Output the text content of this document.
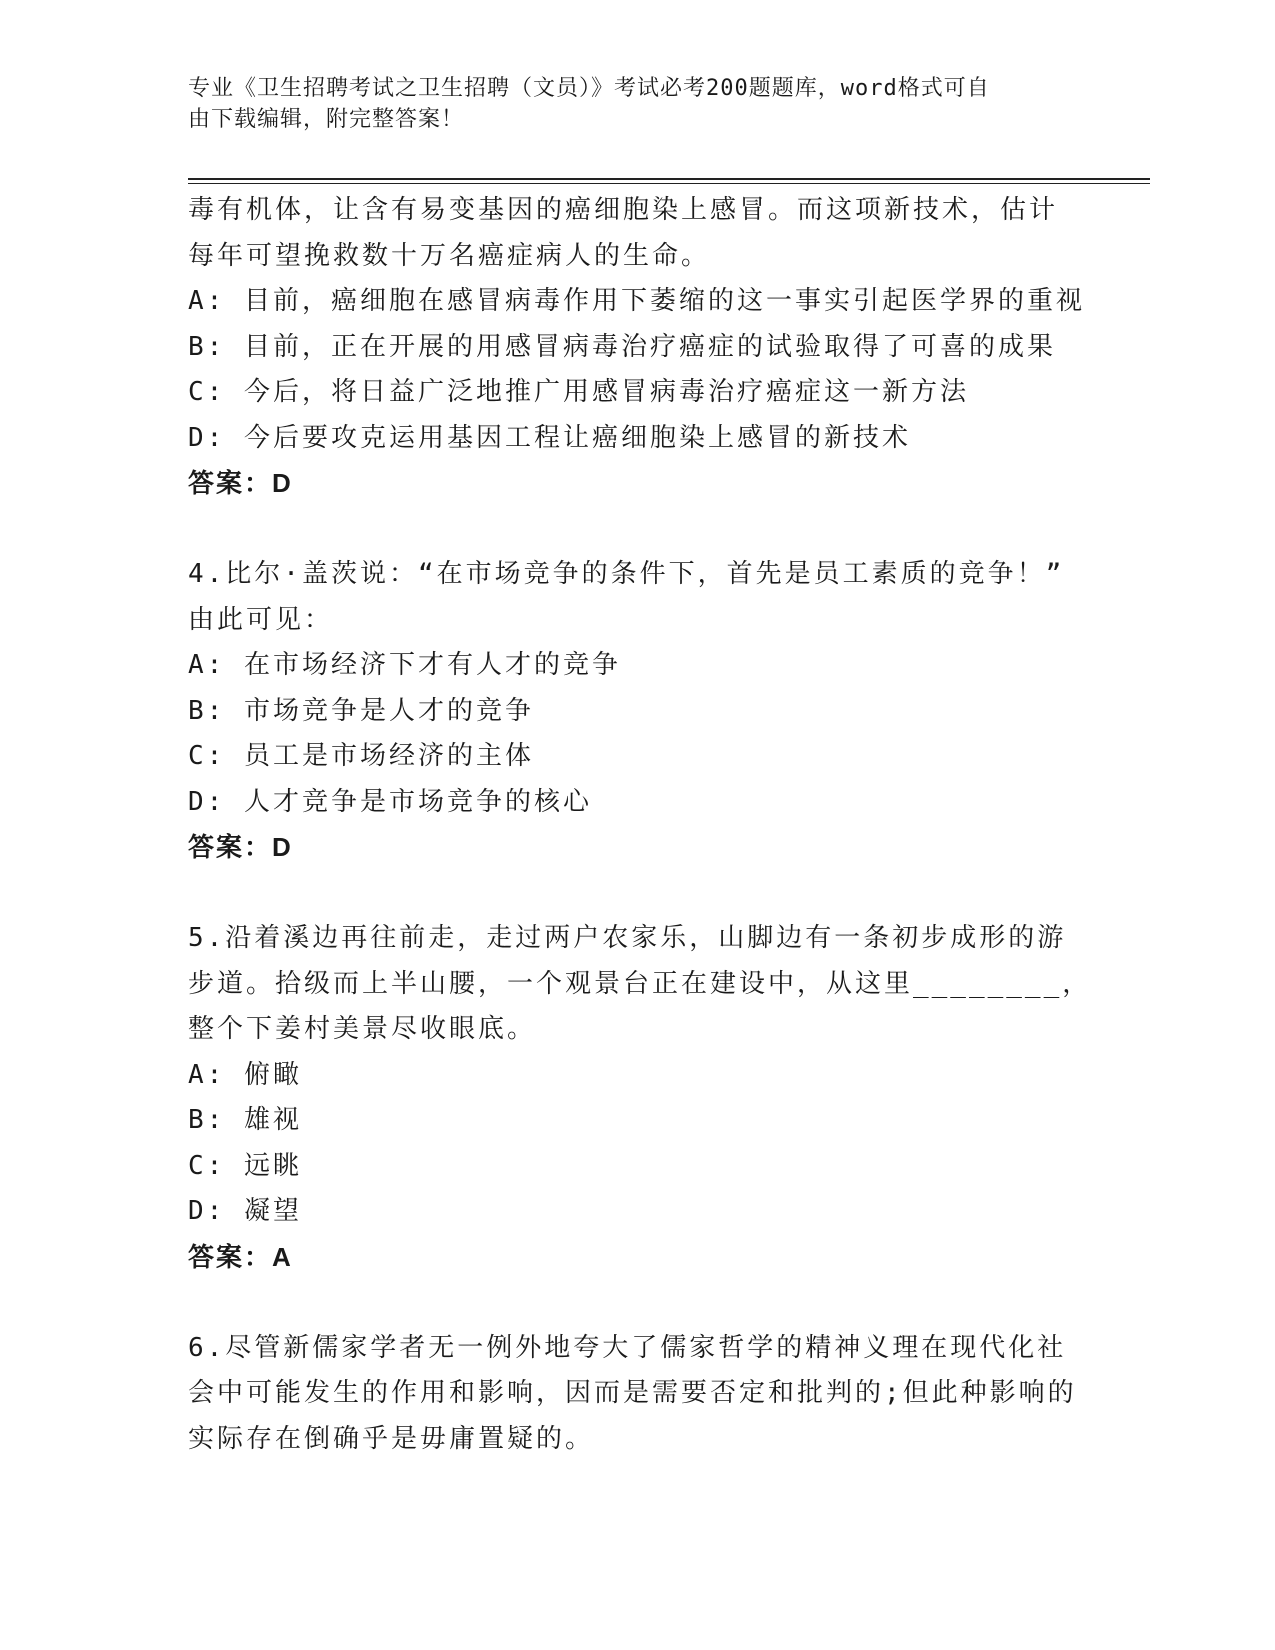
专业《卫生招聘考试之卫生招聘（文员）》考试必考200题题库，word格式可自
由下载编辑，附完整答案！
毒有机体，让含有易变基因的癌细胞染上感冒。而这项新技术，估计
每年可望挽救数十万名癌症病人的生命。
A: 目前，癌细胞在感冒病毒作用下萎缩的这一事实引起医学界的重视
B: 目前，正在开展的用感冒病毒治疗癌症的试验取得了可喜的成果
C: 今后，将日益广泛地推广用感冒病毒治疗癌症这一新方法
D: 今后要攻克运用基因工程让癌细胞染上感冒的新技术
答案：D
4.比尔·盖茨说：“在市场竞争的条件下，首先是员工素质的竞争！”
由此可见：
A: 在市场经济下才有人才的竞争
B: 市场竞争是人才的竞争
C: 员工是市场经济的主体
D: 人才竞争是市场竞争的核心
答案：D
5.沿着溪边再往前走，走过两户农家乐，山脚边有一条初步成形的游
步道。拾级而上半山腰，一个观景台正在建设中，从这里________，
整个下姜村美景尽收眼底。
A: 俯瞰
B: 雄视
C: 远眺
D: 凝望
答案：A
6.尽管新儒家学者无一例外地夸大了儒家哲学的精神义理在现代化社
会中可能发生的作用和影响，因而是需要否定和批判的;但此种影响的
实际存在倒确乎是毋庸置疑的。
